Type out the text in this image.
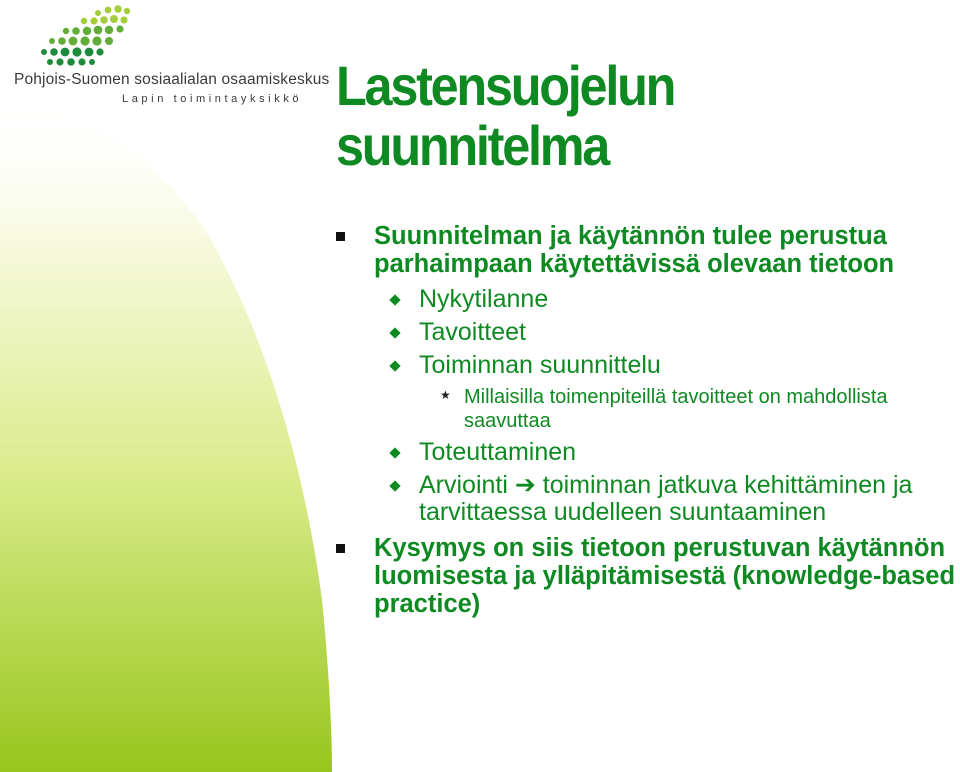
Pohjois-Suomen sosiaalialan osaamiskeskus
Lapin toimintayksikkö Lastensuojelun
suunnitelma
Suunnitelman ja käytännön tulee perustua parhaimpaan käytettävissä olevaan tietoon
Nykytilanne
Tavoitteet
Toiminnan suunnittelu
★ Millaisilla toimenpiteillä tavoitteet on mahdollista saavuttaa
Toteuttaminen
Arviointi ➔ toiminnan jatkuva kehittäminen ja tarvittaessa uudelleen suuntaaminen
Kysymys on siis tietoon perustuvan käytännön luomisesta ja ylläpitämisestä (knowledge-based practice)
